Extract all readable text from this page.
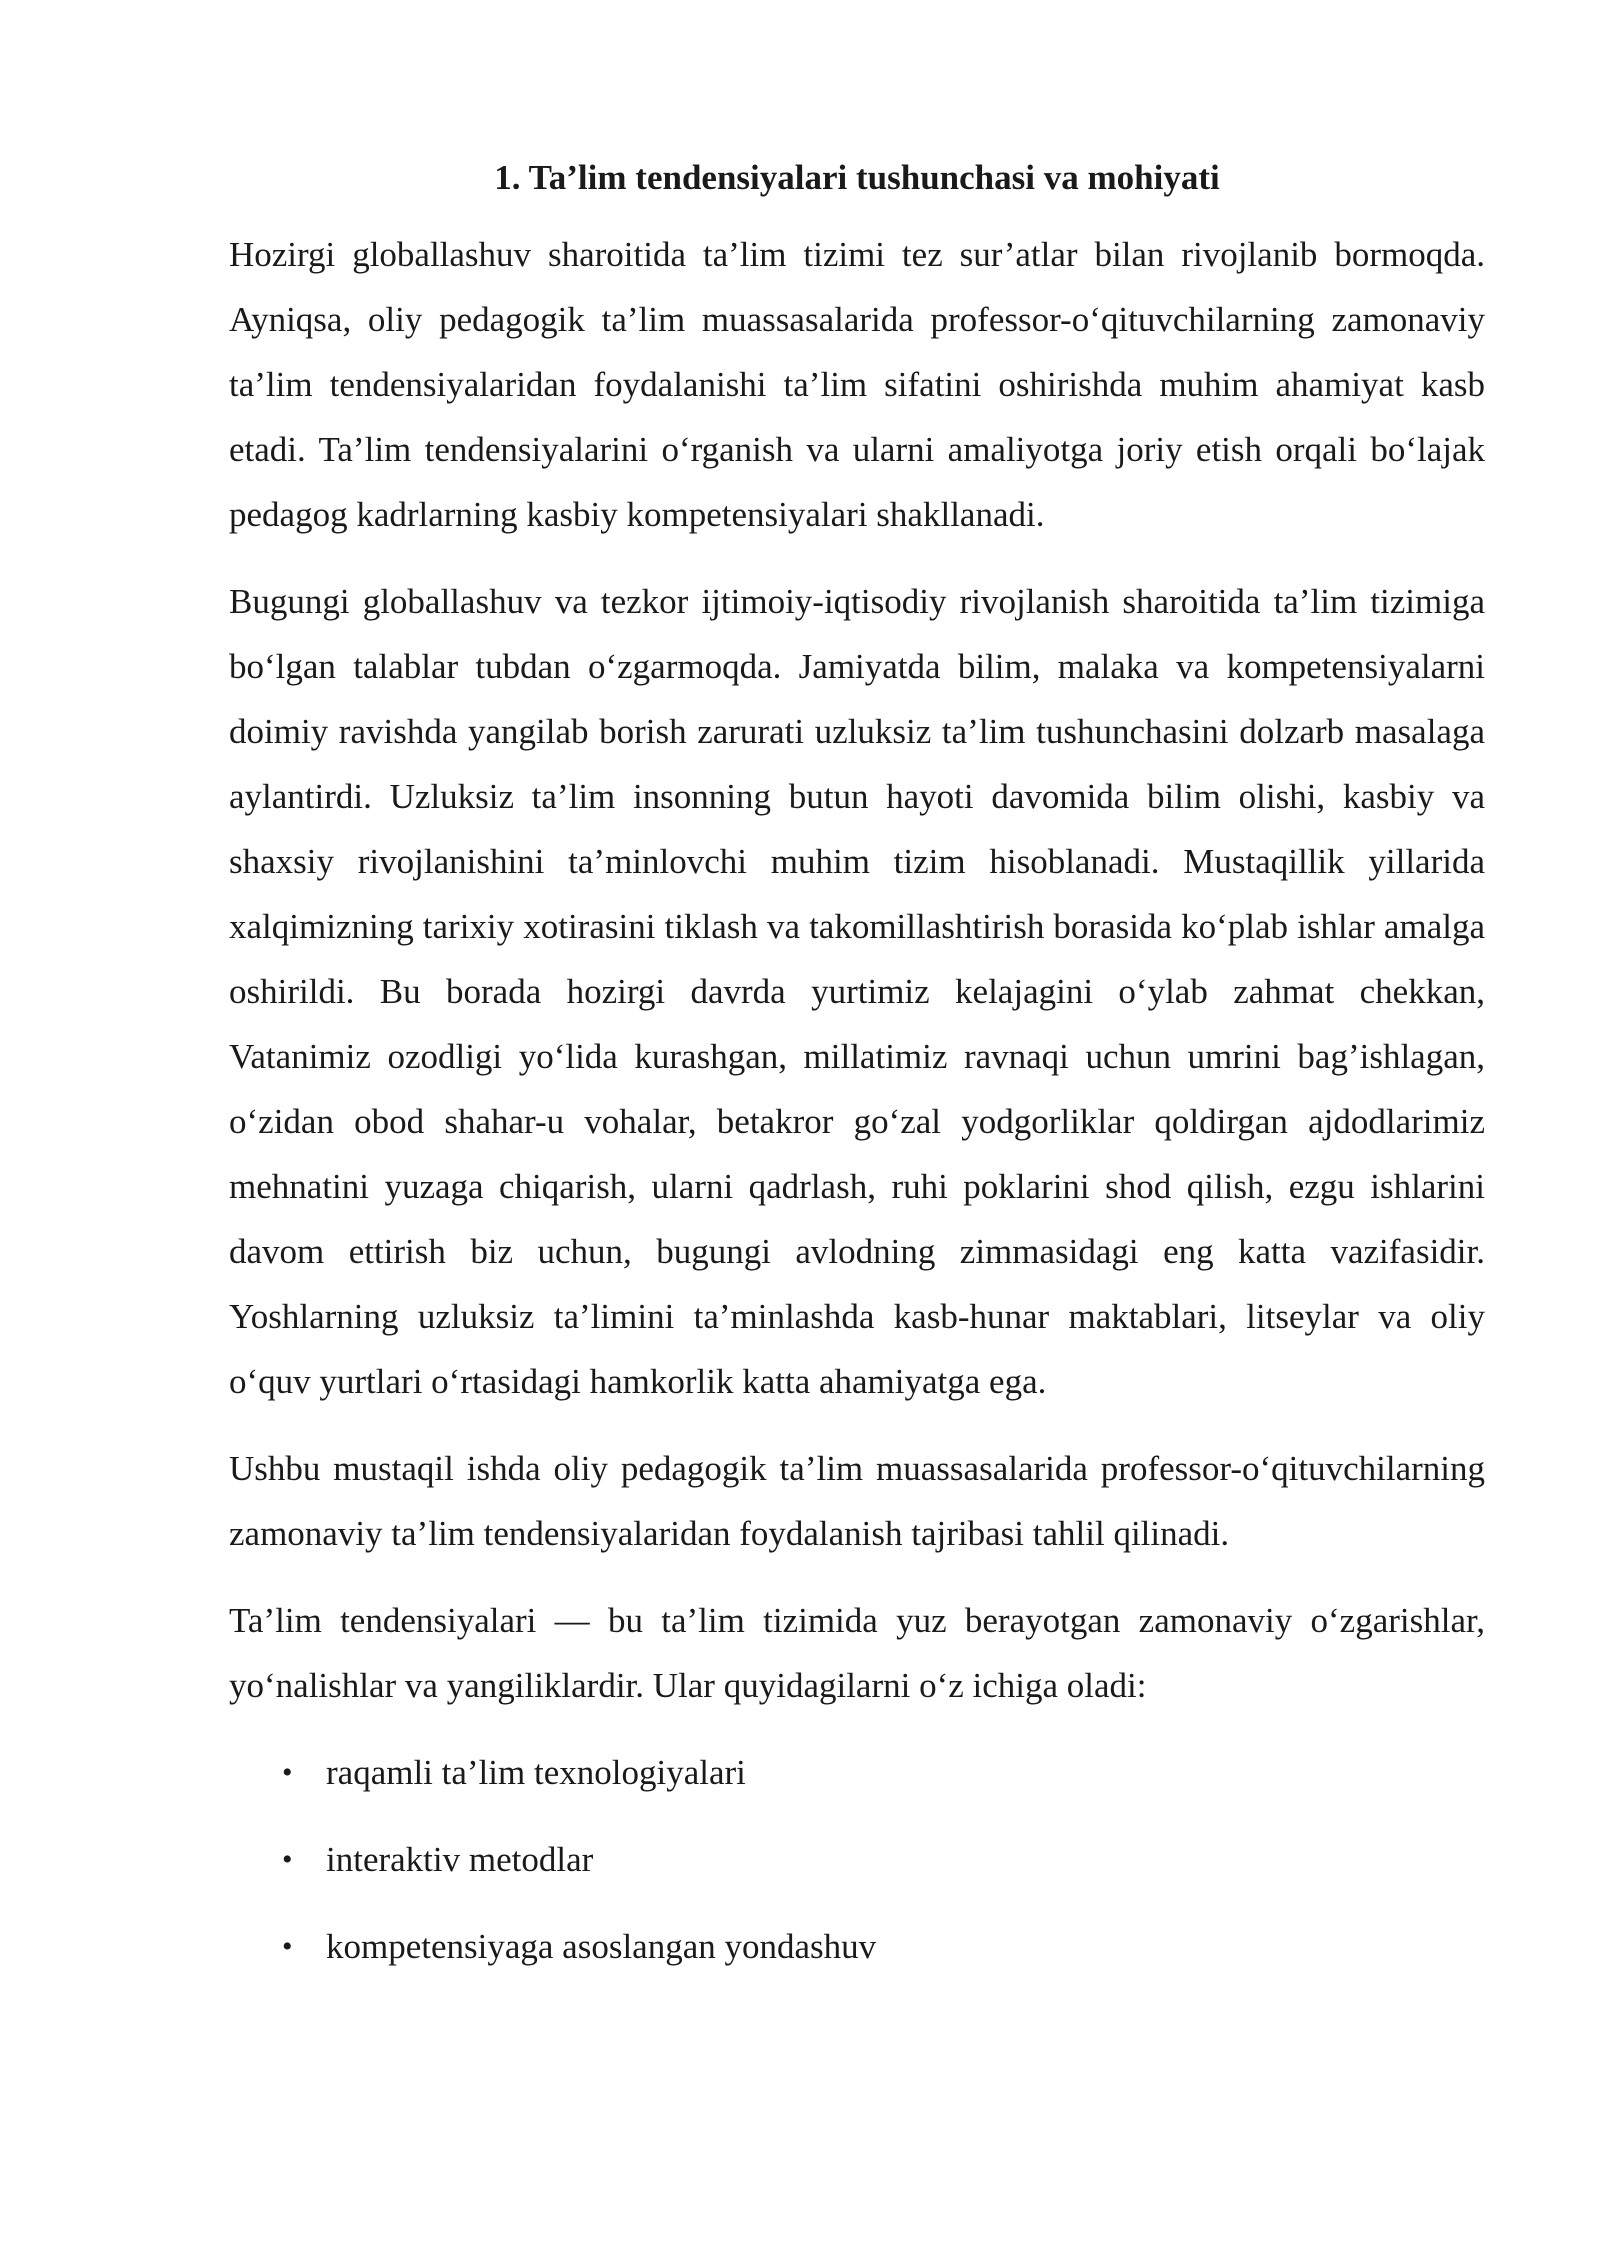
1. Ta’lim tendensiyalari tushunchasi va mohiyati

Hozirgi globallashuv sharoitida ta’lim tizimi tez sur’atlar bilan rivojlanib bormoqda. Ayniqsa, oliy pedagogik ta’lim muassasalarida professor-o‘qituvchilarning zamonaviy ta’lim tendensiyalaridan foydalanishi ta’lim sifatini oshirishda muhim ahamiyat kasb etadi. Ta’lim tendensiyalarini o‘rganish va ularni amaliyotga joriy etish orqali bo‘lajak pedagog kadrlarning kasbiy kompetensiyalari shakllanadi.

Bugungi globallashuv va tezkor ijtimoiy-iqtisodiy rivojlanish sharoitida ta’lim tizimiga bo‘lgan talablar tubdan o‘zgarmoqda. Jamiyatda bilim, malaka va kompetensiyalarni doimiy ravishda yangilab borish zarurati uzluksiz ta’lim tushunchasini dolzarb masalaga aylantirdi. Uzluksiz ta’lim insonning butun hayoti davomida bilim olishi, kasbiy va shaxsiy rivojlanishini ta’minlovchi muhim tizim hisoblanadi. Mustaqillik yillarida xalqimizning tarixiy xotirasini tiklash va takomillashtirish borasida ko‘plab ishlar amalga oshirildi. Bu borada hozirgi davrda yurtimiz kelajagini o‘ylab zahmat chekkan, Vatanimiz ozodligi yo‘lida kurashgan, millatimiz ravnaqi uchun umrini bag’ishlagan, o‘zidan obod shahar-u vohalar, betakror go‘zal yodgorliklar qoldirgan ajdodlarimiz mehnatini yuzaga chiqarish, ularni qadrlash, ruhi poklarini shod qilish, ezgu ishlarini davom ettirish biz uchun, bugungi avlodning zimmasidagi eng katta vazifasidir. Yoshlarning uzluksiz ta’limini ta’minlashda kasb-hunar maktablari, litseylar va oliy o‘quv yurtlari o‘rtasidagi hamkorlik katta ahamiyatga ega.

Ushbu mustaqil ishda oliy pedagogik ta’lim muassasalarida professor-o‘qituvchilarning zamonaviy ta’lim tendensiyalaridan foydalanish tajribasi tahlil qilinadi.

Ta’lim tendensiyalari — bu ta’lim tizimida yuz berayotgan zamonaviy o‘zgarishlar, yo‘nalishlar va yangiliklardir. Ular quyidagilarni o‘z ichiga oladi:

• raqamli ta’lim texnologiyalari
• interaktiv metodlar
• kompetensiyaga asoslangan yondashuv
